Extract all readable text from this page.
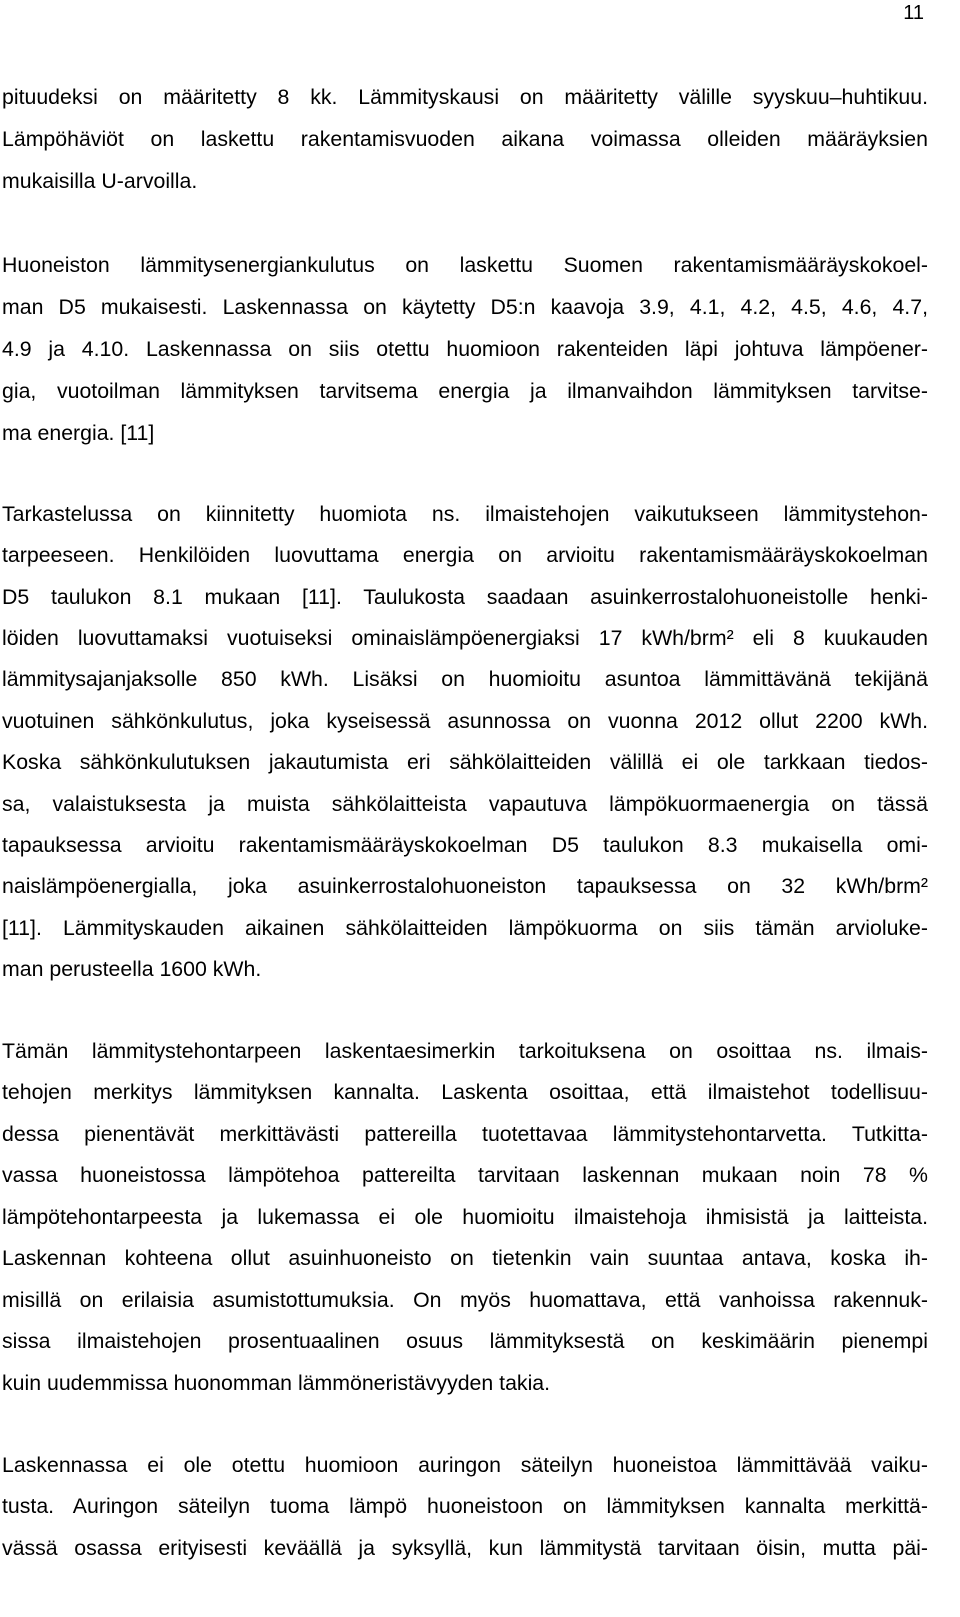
11
pituudeksi on määritetty 8 kk. Lämmityskausi on määritetty välille syyskuu–huhtikuu.
Lämpöhäviöt on laskettu rakentamisvuoden aikana voimassa olleiden määräyksien
mukaisilla U-arvoilla.
Huoneiston lämmitysenergiankulutus on laskettu Suomen rakentamismääräyskokoel-
man D5 mukaisesti. Laskennassa on käytetty D5:n kaavoja 3.9, 4.1, 4.2, 4.5, 4.6, 4.7,
4.9 ja 4.10. Laskennassa on siis otettu huomioon rakenteiden läpi johtuva lämpöener-
gia, vuotoilman lämmityksen tarvitsema energia ja ilmanvaihdon lämmityksen tarvitse-
ma energia. [11]
Tarkastelussa on kiinnitetty huomiota ns. ilmaistehojen vaikutukseen lämmitystehon-
tarpeeseen. Henkilöiden luovuttama energia on arvioitu rakentamismääräyskokoelman
D5 taulukon 8.1 mukaan [11]. Taulukosta saadaan asuinkerrostalohuoneistolle henki-
löiden luovuttamaksi vuotuiseksi ominaislämpöenergiaksi 17 kWh/brm² eli 8 kuukauden
lämmitysajanjaksolle 850 kWh. Lisäksi on huomioitu asuntoa lämmittävänä tekijänä
vuotuinen sähkönkulutus, joka kyseisessä asunnossa on vuonna 2012 ollut 2200 kWh.
Koska sähkönkulutuksen jakautumista eri sähkölaitteiden välillä ei ole tarkkaan tiedos-
sa, valaistuksesta ja muista sähkölaitteista vapautuva lämpökuormaenergia on tässä
tapauksessa arvioitu rakentamismääräyskokoelman D5 taulukon 8.3 mukaisella omi-
naislämpöenergialla, joka asuinkerrostalohuoneiston tapauksessa on 32 kWh/brm²
[11]. Lämmityskauden aikainen sähkölaitteiden lämpökuorma on siis tämän arvioluke-
man perusteella 1600 kWh.
Tämän lämmitystehontarpeen laskentaesimerkin tarkoituksena on osoittaa ns. ilmais-
tehojen merkitys lämmityksen kannalta. Laskenta osoittaa, että ilmaistehot todellisuu-
dessa pienentävät merkittävästi pattereilla tuotettavaa lämmitystehontarvetta. Tutkitta-
vassa huoneistossa lämpötehoa pattereilta tarvitaan laskennan mukaan noin 78 %
lämpötehontarpeesta ja lukemassa ei ole huomioitu ilmaistehoja ihmisistä ja laitteista.
Laskennan kohteena ollut asuinhuoneisto on tietenkin vain suuntaa antava, koska ih-
misillä on erilaisia asumistottumuksia. On myös huomattava, että vanhoissa rakennuk-
sissa ilmaistehojen prosentuaalinen osuus lämmityksestä on keskimäärin pienempi
kuin uudemmissa huonomman lämmöneristävyyden takia.
Laskennassa ei ole otettu huomioon auringon säteilyn huoneistoa lämmittävää vaiku-
tusta. Auringon säteilyn tuoma lämpö huoneistoon on lämmityksen kannalta merkittä-
vässä osassa erityisesti keväällä ja syksyllä, kun lämmitystä tarvitaan öisin, mutta päi-
